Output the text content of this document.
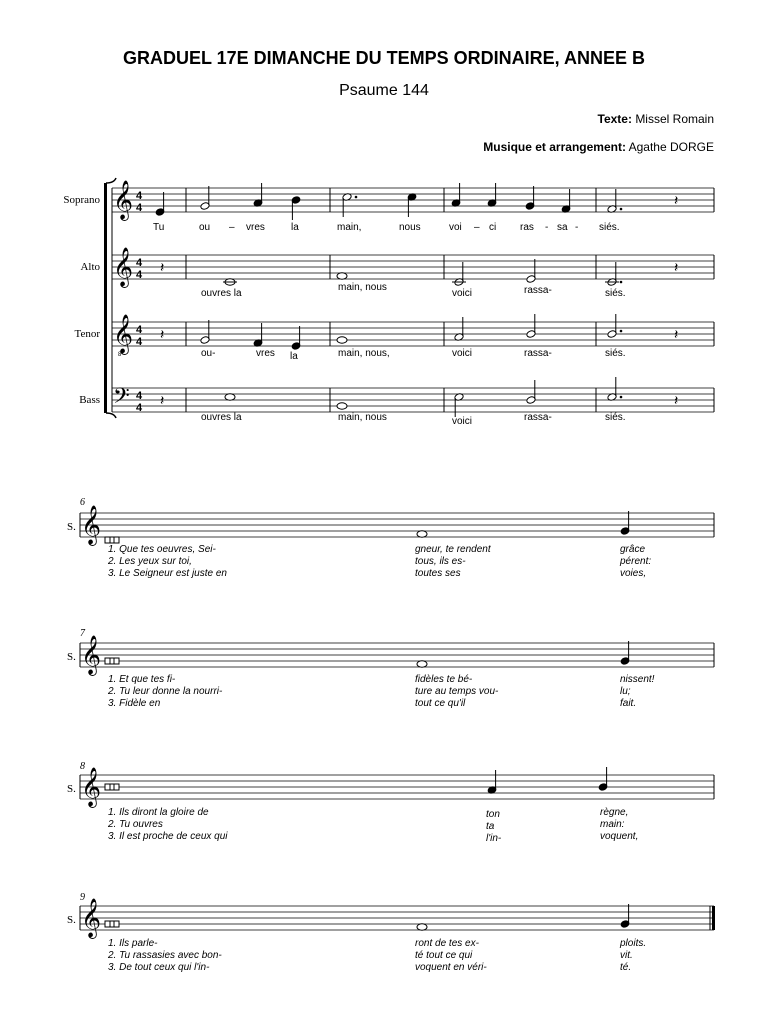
GRADUEL 17E DIMANCHE DU TEMPS ORDINAIRE, ANNEE B
Psaume 144
Texte: Missel Romain
Musique et arrangement: Agathe DORGE
𝄞
𝄞
𝄞
8
𝄢
4
4
4
4
4
4
4
4
Soprano
Alto
Tenor
Bass
𝄽
𝄽	𝄽
𝄽	𝄽
𝄽	𝄽
Tu	ou – vres	la	main,	nous	voi – ci ras - sa - siés.
ouvres la
main, nous
voici	rassa-	siés.
ou-	vres la	main, nous,	voici	rassa-	siés.
ouvres la	main, nous	voici	rassa-	siés.
6
S. 𝄞
1. Que tes oeuvres, Sei-
2. Les yeux sur toi,
3. Le Seigneur est juste en
gneur, te rendent
tous, ils es-
toutes ses
grâce
pérent:
voies,
7
S. 𝄞
1. Et que tes fi-
2. Tu leur donne la nourri-
3. Fidèle en
fidèles te bé-
ture au temps vou-
tout ce qu'il
nissent!
lu;
fait.
8
S. 𝄞
1. Ils diront la gloire de
2. Tu ouvres
3. Il est proche de ceux qui
ton
ta
l'in-
règne,
main:
voquent,
9
S. 𝄞
1. Ils parle-
2. Tu rassasies avec bon-
3. De tout ceux qui l'in-
ront de tes ex-
té tout ce qui
voquent en véri-
ploits.
vit.
té.
